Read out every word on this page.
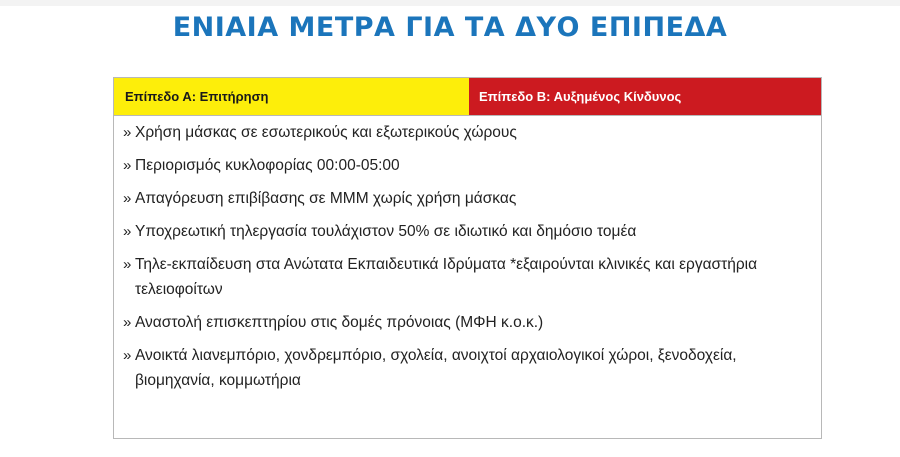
ΕΝΙΑΙΑ ΜΕΤΡΑ ΓΙΑ ΤΑ ΔΥΟ ΕΠΙΠΕΔΑ
Επίπεδο Α: Επιτήρηση	Επίπεδο Β: Αυξημένος Κίνδυνος
» Χρήση μάσκας σε εσωτερικούς και εξωτερικούς χώρους
» Περιορισμός κυκλοφορίας 00:00-05:00
» Απαγόρευση επιβίβασης σε ΜΜΜ χωρίς χρήση μάσκας
» Υποχρεωτική τηλεργασία τουλάχιστον 50% σε ιδιωτικό και δημόσιο τομέα
» Τηλε-εκπαίδευση στα Ανώτατα Εκπαιδευτικά Ιδρύματα *εξαιρούνται κλινικές και εργαστήρια τελειοφοίτων
» Αναστολή επισκεπτηρίου στις δομές πρόνοιας (ΜΦΗ κ.ο.κ.)
» Ανοικτά λιανεμπόριο, χονδρεμπόριο, σχολεία, ανοιχτοί αρχαιολογικοί χώροι, ξενοδοχεία, βιομηχανία, κομμωτήρια
